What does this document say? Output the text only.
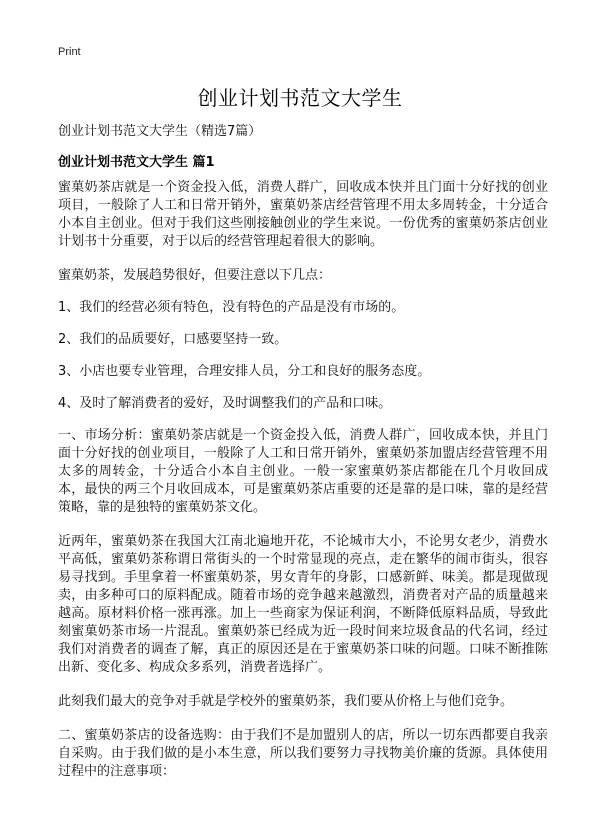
Print
创业计划书范文大学生
创业计划书范文大学生（精选7篇）
创业计划书范文大学生 篇1

蜜菓奶茶店就是一个资金投入低，消费人群广，回收成本快并且门面十分好找的创业项目，一般除了人工和日常开销外，蜜菓奶茶店经营管理不用太多周转金，十分适合小本自主创业。但对于我们这些刚接触创业的学生来说。一份优秀的蜜菓奶茶店创业计划书十分重要，对于以后的经营管理起着很大的影响。

蜜菓奶茶，发展趋势很好，但要注意以下几点：

1、我们的经营必须有特色，没有特色的产品是没有市场的。

2、我们的品质要好，口感要坚持一致。

3、小店也要专业管理，合理安排人员，分工和良好的服务态度。

4、及时了解消费者的爱好，及时调整我们的产品和口味。

一、市场分析：蜜菓奶茶店就是一个资金投入低，消费人群广，回收成本快，并且门面十分好找的创业项目，一般除了人工和日常开销外，蜜菓奶茶加盟店经营管理不用太多的周转金，十分适合小本自主创业。一般一家蜜菓奶茶店都能在几个月收回成本，最快的两三个月收回成本，可是蜜菓奶茶店重要的还是靠的是口味，靠的是经营策略，靠的是独特的蜜菓奶茶文化。

近两年，蜜菓奶茶在我国大江南北遍地开花，不论城市大小，不论男女老少，消费水平高低，蜜菓奶茶称谓日常街头的一个时常显现的亮点，走在繁华的闹市街头，很容易寻找到。手里拿着一杯蜜菓奶茶，男女青年的身影，口感新鲜、味美。都是现做现卖，由多种可口的原料配成。随着市场的竞争越来越激烈，消费者对产品的质量越来越高。原材料价格一涨再涨。加上一些商家为保证利润，不断降低原料品质，导致此刻蜜菓奶茶市场一片混乱。蜜菓奶茶已经成为近一段时间来垃圾食品的代名词，经过我们对消费者的调查了解，真正的原因还是在于蜜菓奶茶口味的问题。口味不断推陈出新、变化多、构成众多系列，消费者选择广。

此刻我们最大的竞争对手就是学校外的蜜菓奶茶，我们要从价格上与他们竞争。

二、蜜菓奶茶店的设备选购：由于我们不是加盟别人的店，所以一切东西都要自我亲自采购。由于我们做的是小本生意，所以我们要努力寻找物美价廉的货源。具体使用过程中的注意事项：
